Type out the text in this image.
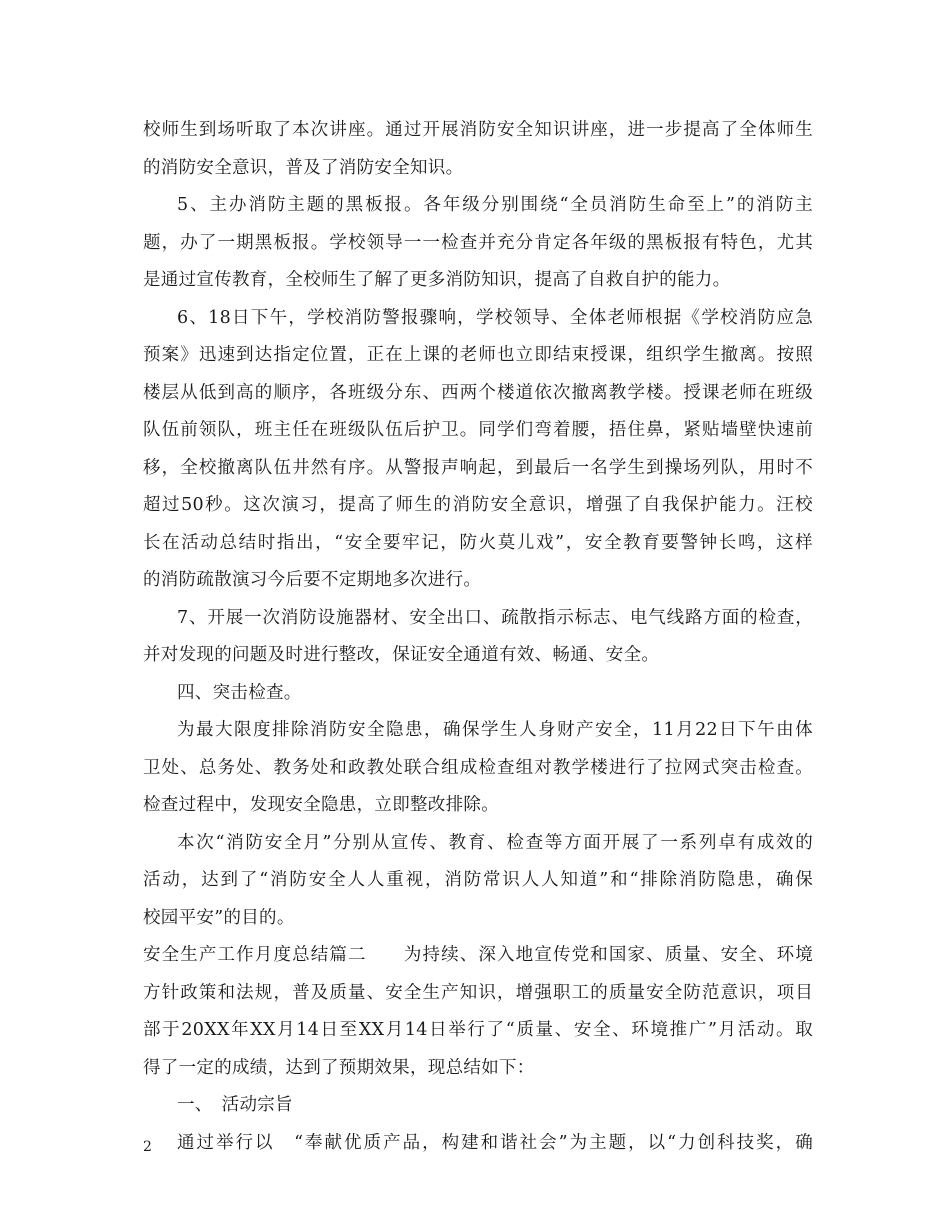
校师生到场听取了本次讲座。通过开展消防安全知识讲座，进一步提高了全体师生
的消防安全意识，普及了消防安全知识。
5、主办消防主题的黑板报。各年级分别围绕“全员消防生命至上”的消防主
题，办了一期黑板报。学校领导一一检查并充分肯定各年级的黑板报有特色，尤其
是通过宣传教育，全校师生了解了更多消防知识，提高了自救自护的能力。
6、18日下午，学校消防警报骤响，学校领导、全体老师根据《学校消防应急
预案》迅速到达指定位置，正在上课的老师也立即结束授课，组织学生撤离。按照
楼层从低到高的顺序，各班级分东、西两个楼道依次撤离教学楼。授课老师在班级
队伍前领队，班主任在班级队伍后护卫。同学们弯着腰，捂住鼻，紧贴墙壁快速前
移，全校撤离队伍井然有序。从警报声响起，到最后一名学生到操场列队，用时不
超过50秒。这次演习，提高了师生的消防安全意识，增强了自我保护能力。汪校
长在活动总结时指出，“安全要牢记，防火莫儿戏”，安全教育要警钟长鸣，这样
的消防疏散演习今后要不定期地多次进行。
7、开展一次消防设施器材、安全出口、疏散指示标志、电气线路方面的检查，
并对发现的问题及时进行整改，保证安全通道有效、畅通、安全。
四、突击检查。
为最大限度排除消防安全隐患，确保学生人身财产安全，11月22日下午由体
卫处、总务处、教务处和政教处联合组成检查组对教学楼进行了拉网式突击检查。
检查过程中，发现安全隐患，立即整改排除。
本次“消防安全月”分别从宣传、教育、检查等方面开展了一系列卓有成效的
活动，达到了“消防安全人人重视，消防常识人人知道”和“排除消防隐患，确保
校园平安”的目的。
安全生产工作月度总结篇二　　为持续、深入地宣传党和国家、质量、安全、环境
方针政策和法规，普及质量、安全生产知识，增强职工的质量安全防范意识，项目
部于20XX年XX月14日至XX月14日举行了“质量、安全、环境推广”月活动。取
得了一定的成绩，达到了预期效果，现总结如下：
一、　活动宗旨
通过举行以　“奉献优质产品，构建和谐社会”为主题，以“力创科技奖，确
2
